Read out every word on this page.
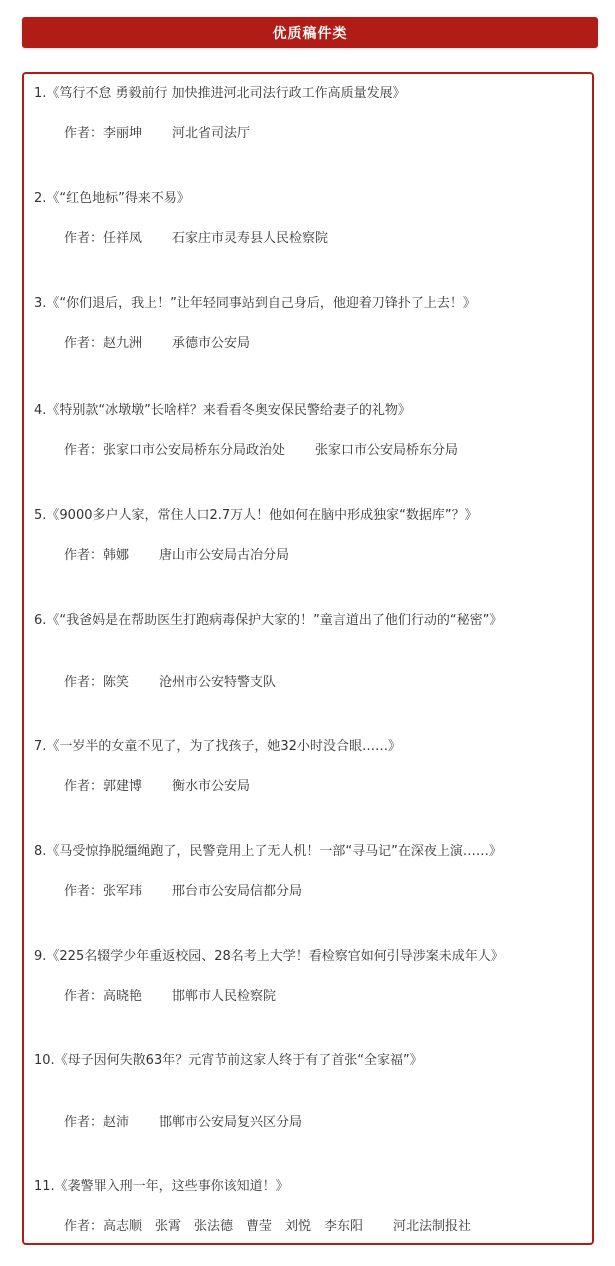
优质稿件类

1.《笃行不怠 勇毅前行 加快推进河北司法行政工作高质量发展》

作者：李丽坤 河北省司法厅

2.《“红色地标”得来不易》

作者：任祥凤 石家庄市灵寿县人民检察院

3.《“你们退后，我上！”让年轻同事站到自己身后，他迎着刀锋扑了上去！》

作者：赵九洲 承德市公安局

4.《特别款“冰墩墩”长啥样？来看看冬奥安保民警给妻子的礼物》

作者：张家口市公安局桥东分局政治处 张家口市公安局桥东分局

5.《9000多户人家，常住人口2.7万人！他如何在脑中形成独家“数据库”？》

作者：韩娜 唐山市公安局古冶分局

6.《“我爸妈是在帮助医生打跑病毒保护大家的！”童言道出了他们行动的“秘密”》

作者：陈笑 沧州市公安特警支队

7.《一岁半的女童不见了，为了找孩子，她32小时没合眼……》

作者：郭建博 衡水市公安局

8.《马受惊挣脱缰绳跑了，民警竟用上了无人机！一部“寻马记”在深夜上演……》

作者：张军玮 邢台市公安局信都分局

9.《225名辍学少年重返校园、28名考上大学！看检察官如何引导涉案未成年人》

作者：高晓艳 邯郸市人民检察院

10.《母子因何失散63年？元宵节前这家人终于有了首张“全家福”》

作者：赵沛 邯郸市公安局复兴区分局

11.《袭警罪入刑一年，这些事你该知道！》

作者：高志顺　张霄　张法德　曹莹　刘悦　李东阳 河北法制报社
